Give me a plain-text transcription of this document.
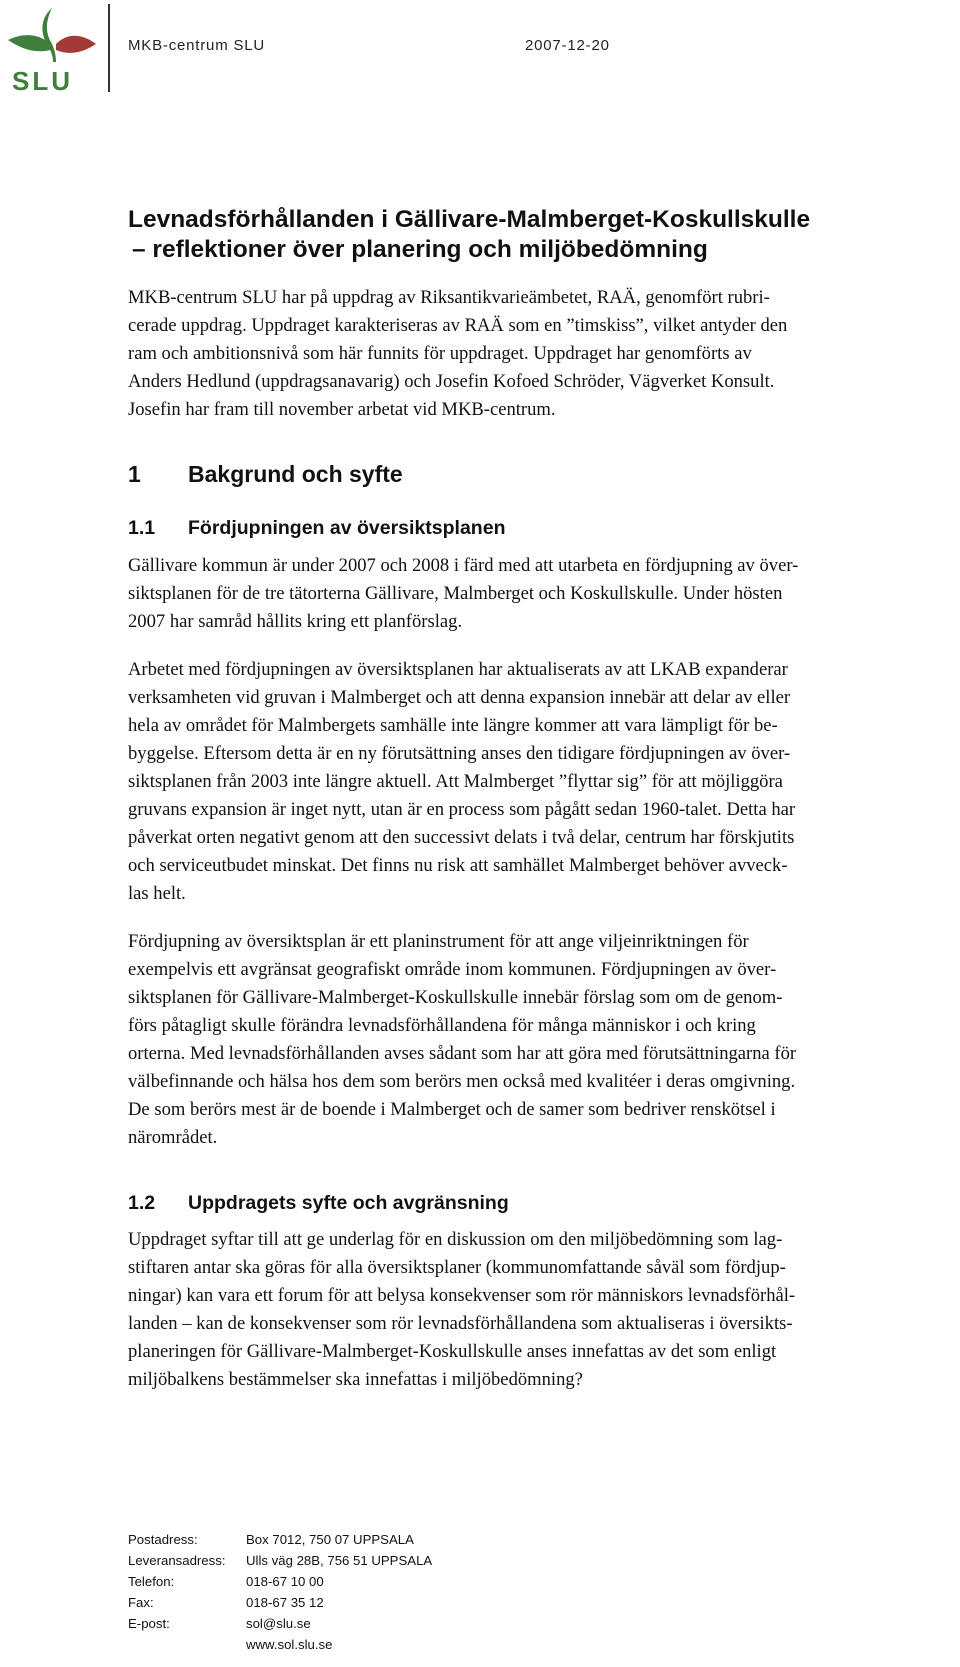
SLU
MKB-centrum SLU	2007-12-20
Levnadsförhållanden i Gällivare-Malmberget-Koskullskulle
– reflektioner över planering och miljöbedömning
MKB-centrum SLU har på uppdrag av Riksantikvarieämbetet, RAÄ, genomfört rubri-
cerade uppdrag. Uppdraget karakteriseras av RAÄ som en ”timskiss”, vilket antyder den
ram och ambitionsnivå som här funnits för uppdraget. Uppdraget har genomförts av
Anders Hedlund (uppdragsanavarig) och Josefin Kofoed Schröder, Vägverket Konsult.
Josefin har fram till november arbetat vid MKB-centrum.
1	Bakgrund och syfte
1.1	Fördjupningen av översiktsplanen
Gällivare kommun är under 2007 och 2008 i färd med att utarbeta en fördjupning av över-
siktsplanen för de tre tätorterna Gällivare, Malmberget och Koskullskulle. Under hösten
2007 har samråd hållits kring ett planförslag.
Arbetet med fördjupningen av översiktsplanen har aktualiserats av att LKAB expanderar
verksamheten vid gruvan i Malmberget och att denna expansion innebär att delar av eller
hela av området för Malmbergets samhälle inte längre kommer att vara lämpligt för be-
byggelse. Eftersom detta är en ny förutsättning anses den tidigare fördjupningen av över-
siktsplanen från 2003 inte längre aktuell. Att Malmberget ”flyttar sig” för att möjliggöra
gruvans expansion är inget nytt, utan är en process som pågått sedan 1960-talet. Detta har
påverkat orten negativt genom att den successivt delats i två delar, centrum har förskjutits
och serviceutbudet minskat. Det finns nu risk att samhället Malmberget behöver avveck-
las helt.
Fördjupning av översiktsplan är ett planinstrument för att ange viljeinriktningen för
exempelvis ett avgränsat geografiskt område inom kommunen. Fördjupningen av över-
siktsplanen för Gällivare-Malmberget-Koskullskulle innebär förslag som om de genom-
förs påtagligt skulle förändra levnadsförhållandena för många människor i och kring
orterna. Med levnadsförhållanden avses sådant som har att göra med förutsättningarna för
välbefinnande och hälsa hos dem som berörs men också med kvalitéer i deras omgivning.
De som berörs mest är de boende i Malmberget och de samer som bedriver renskötsel i
närområdet.
1.2	Uppdragets syfte och avgränsning
Uppdraget syftar till att ge underlag för en diskussion om den miljöbedömning som lag-
stiftaren antar ska göras för alla översiktsplaner (kommunomfattande såväl som fördjup-
ningar) kan vara ett forum för att belysa konsekvenser som rör människors levnadsförhål-
landen – kan de konsekvenser som rör levnadsförhållandena som aktualiseras i översikts-
planeringen för Gällivare-Malmberget-Koskullskulle anses innefattas av det som enligt
miljöbalkens bestämmelser ska innefattas i miljöbedömning?
Postadress:	Box 7012, 750 07 UPPSALA
Leveransadress:	Ulls väg 28B, 756 51 UPPSALA
Telefon:	018-67 10 00
Fax:	018-67 35 12
E-post:	sol@slu.se
www.sol.slu.se
